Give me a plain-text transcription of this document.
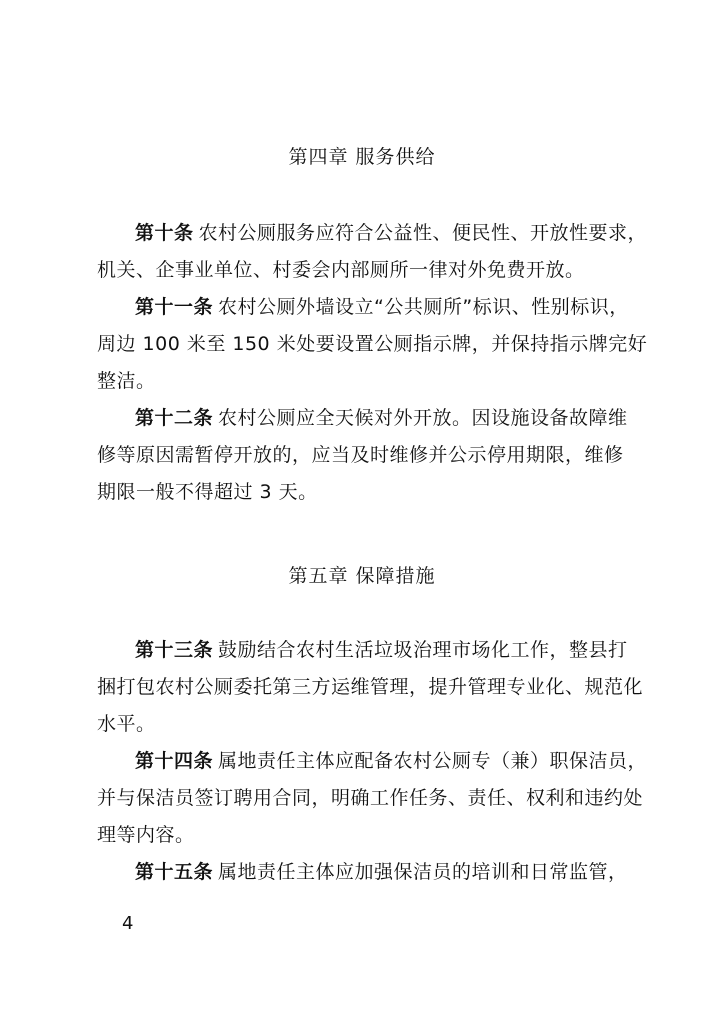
第四章 服务供给
第十条 农村公厕服务应符合公益性、便民性、开放性要求，
机关、企事业单位、村委会内部厕所一律对外免费开放。
第十一条 农村公厕外墙设立“公共厕所”标识、性别标识，
周边 100 米至 150 米处要设置公厕指示牌，并保持指示牌完好
整洁。
第十二条 农村公厕应全天候对外开放。因设施设备故障维
修等原因需暂停开放的，应当及时维修并公示停用期限，维修
期限一般不得超过 3 天。
第五章 保障措施
第十三条 鼓励结合农村生活垃圾治理市场化工作，整县打
捆打包农村公厕委托第三方运维管理，提升管理专业化、规范化
水平。
第十四条 属地责任主体应配备农村公厕专（兼）职保洁员，
并与保洁员签订聘用合同，明确工作任务、责任、权利和违约处
理等内容。
第十五条 属地责任主体应加强保洁员的培训和日常监管，
4
